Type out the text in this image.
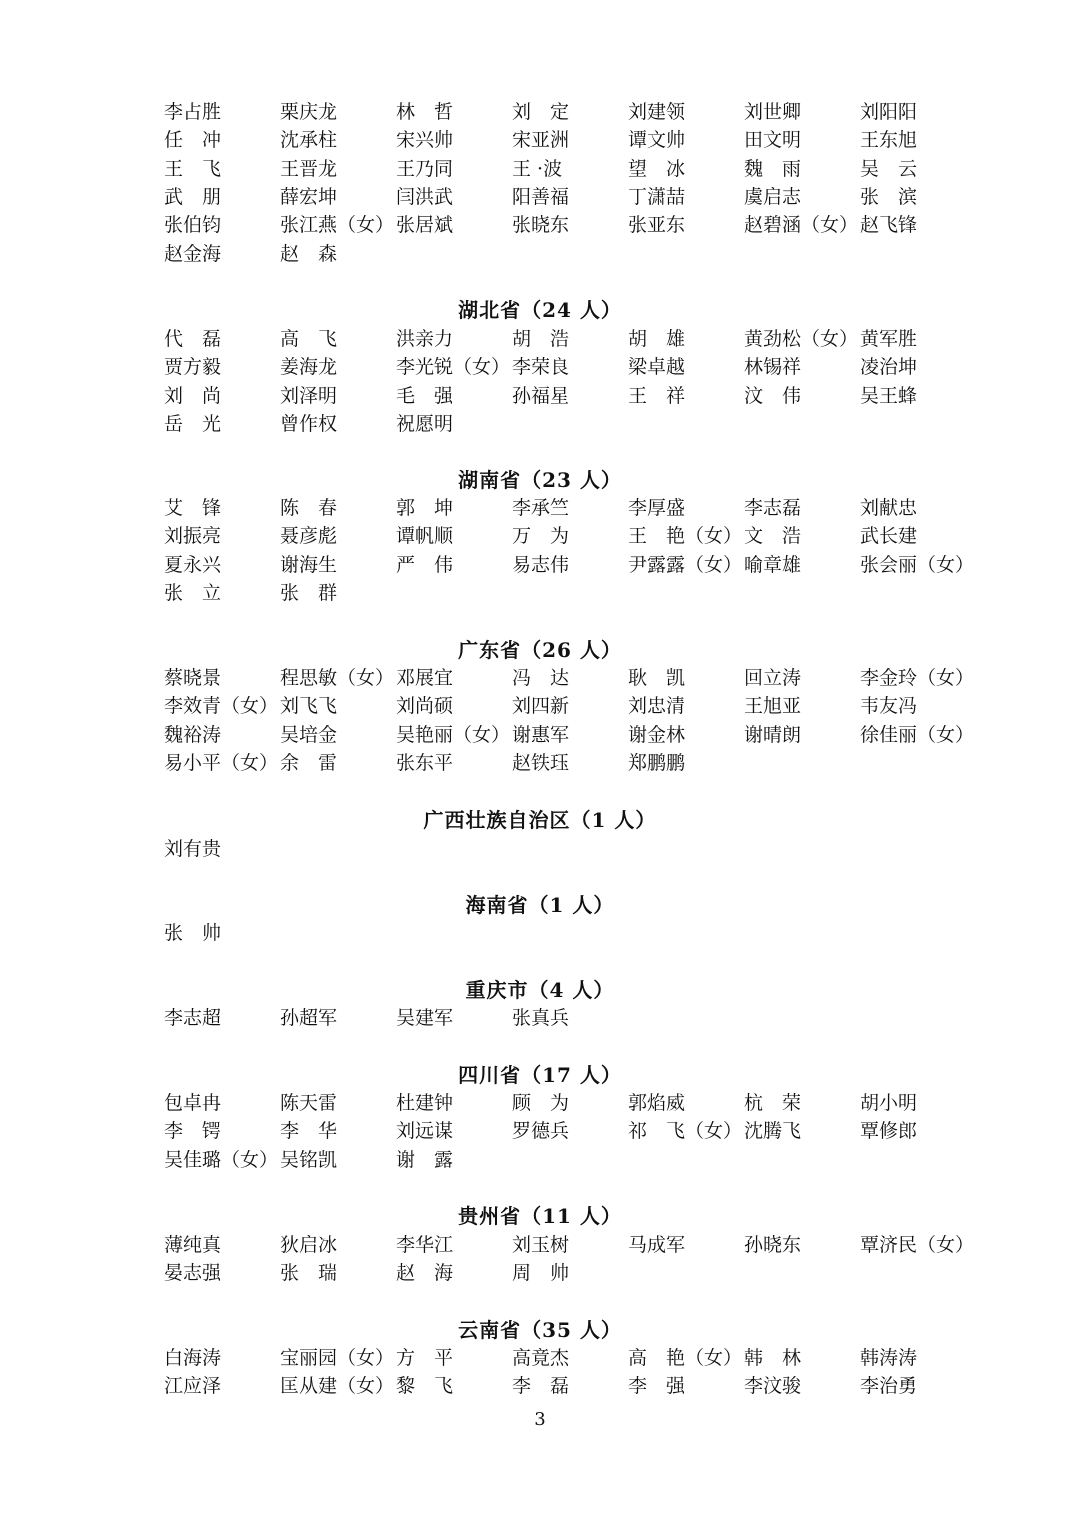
李占胜	栗庆龙	林　哲	刘　定	刘建领	刘世卿	刘阳阳
任　冲	沈承柱	宋兴帅	宋亚洲	谭文帅	田文明	王东旭
王　飞	王晋龙	王乃同	王 ·波	望　冰	魏　雨	吴　云
武　朋	薛宏坤	闫洪武	阳善福	丁潇喆	虞启志	张　滨
张伯钧	张江燕（女） 张居斌	张晓东	张亚东	赵碧涵（女） 赵飞锋
赵金海	赵　森
湖北省（24 人）
代　磊	高　飞	洪亲力	胡　浩	胡　雄	黄劲松（女） 黄军胜
贾方毅	姜海龙	李光锐（女） 李荣良	梁卓越	林锡祥	凌治坤
刘　尚	刘泽明	毛　强	孙福星	王　祥	汶　伟	吴王蜂
岳　光	曾作权	祝愿明
湖南省（23 人）
艾　锋	陈　春	郭　坤	李承竺	李厚盛	李志磊	刘献忠
刘振亮	聂彦彪	谭帆顺	万　为	王　艳（女） 文　浩	武长建
夏永兴	谢海生	严　伟	易志伟	尹露露（女） 喻章雄	张会丽（女）
张　立	张　群
广东省（26 人）
蔡晓景	程思敏（女） 邓展宜	冯　达	耿　凯	回立涛	李金玲（女）
李效青（女） 刘飞飞	刘尚硕	刘四新	刘忠清	王旭亚	韦友冯
魏裕涛	吴培金	吴艳丽（女） 谢惠军	谢金林	谢晴朗	徐佳丽（女）
易小平（女） 余　雷	张东平	赵铁珏	郑鹏鹏
广西壮族自治区（1 人）
刘有贵
海南省（1 人）
张　帅
重庆市（4 人）
李志超	孙超军	吴建军	张真兵
四川省（17 人）
包卓冉	陈天雷	杜建钟	顾　为	郭焰威	杭　荣	胡小明
李　锷	李　华	刘远谋	罗德兵	祁　飞（女） 沈腾飞	覃修郎
吴佳璐（女） 吴铭凯	谢　露
贵州省（11 人）
薄纯真	狄启冰	李华江	刘玉树	马成军	孙晓东	覃济民（女）
晏志强	张　瑞	赵　海	周　帅
云南省（35 人）
白海涛	宝丽园（女） 方　平	高竟杰	高　艳（女） 韩　林	韩涛涛
江应泽	匡从建（女） 黎　飞	李　磊	李　强	李汶骏	李治勇
3
